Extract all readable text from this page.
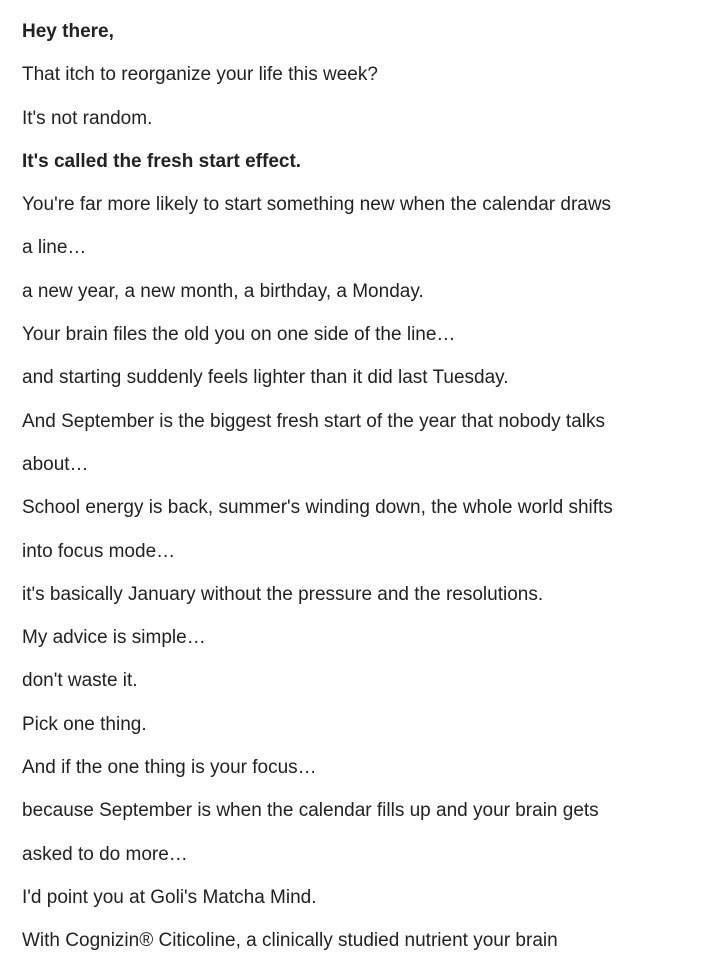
Hey there,

That itch to reorganize your life this week?

It's not random.

It's called the fresh start effect.

You're far more likely to start something new when the calendar draws

a line…

a new year, a new month, a birthday, a Monday.

Your brain files the old you on one side of the line…

and starting suddenly feels lighter than it did last Tuesday.

And September is the biggest fresh start of the year that nobody talks

about…

School energy is back, summer's winding down, the whole world shifts

into focus mode…

it's basically January without the pressure and the resolutions.

My advice is simple…

don't waste it.

Pick one thing.

And if the one thing is your focus…

because September is when the calendar fills up and your brain gets

asked to do more…

I'd point you at Goli's Matcha Mind.

With Cognizin® Citicoline, a clinically studied nutrient your brain
